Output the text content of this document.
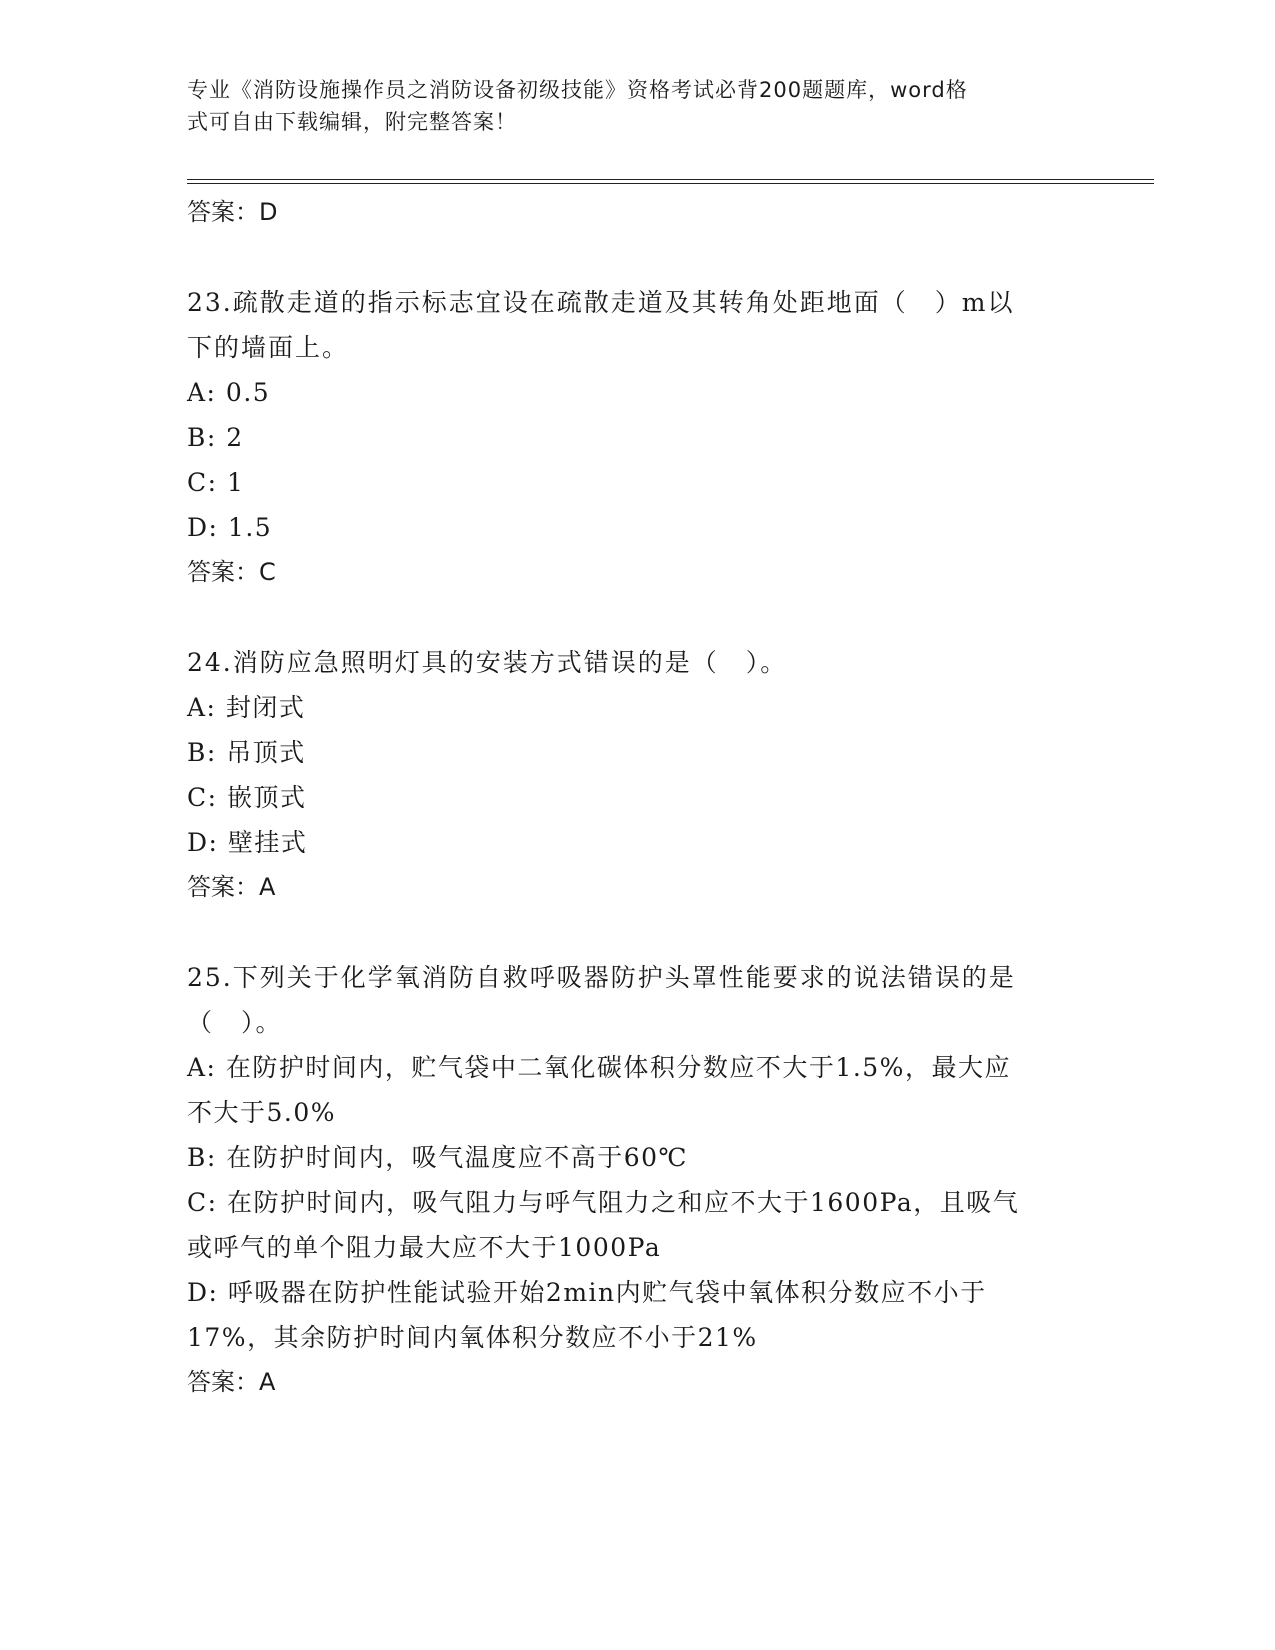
专业《消防设施操作员之消防设备初级技能》资格考试必背200题题库，word格
式可自由下载编辑，附完整答案！

答案：D

23.疏散走道的指示标志宜设在疏散走道及其转角处距地面（　）m以

下的墙面上。

A: 0.5

B: 2

C: 1

D: 1.5

答案：C

24.消防应急照明灯具的安装方式错误的是（　）。

A: 封闭式

B: 吊顶式

C: 嵌顶式

D: 壁挂式

答案：A

25.下列关于化学氧消防自救呼吸器防护头罩性能要求的说法错误的是

（　）。

A: 在防护时间内，贮气袋中二氧化碳体积分数应不大于1.5%，最大应

不大于5.0%

B: 在防护时间内，吸气温度应不高于60℃

C: 在防护时间内，吸气阻力与呼气阻力之和应不大于1600Pa，且吸气

或呼气的单个阻力最大应不大于1000Pa

D: 呼吸器在防护性能试验开始2min内贮气袋中氧体积分数应不小于

17%，其余防护时间内氧体积分数应不小于21%

答案：A
